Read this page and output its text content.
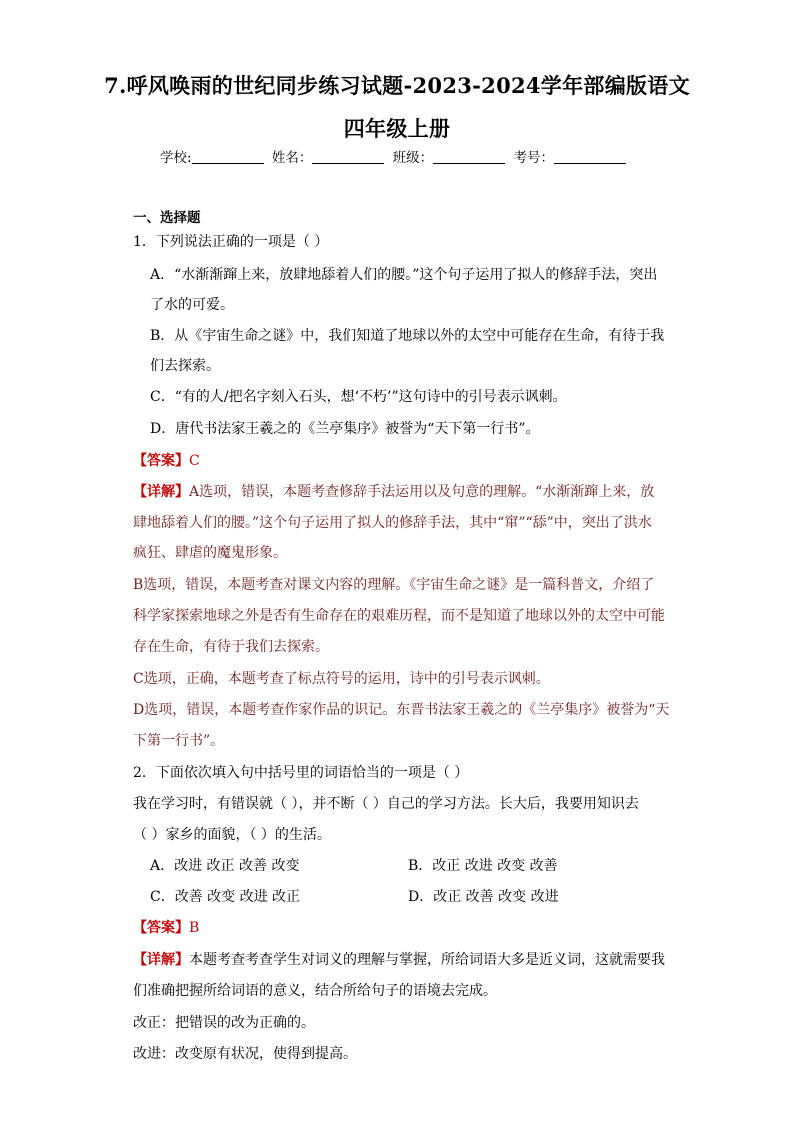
7.呼风唤雨的世纪同步练习试题-2023-2024学年部编版语文
四年级上册
学校:	姓名：	班级：	考号：
一、选择题
1．下列说法正确的一项是（ ）
A．“水渐渐蹿上来，放肆地舔着人们的腰。”这个句子运用了拟人的修辞手法，突出
了水的可爱。
B．从《宇宙生命之谜》中，我们知道了地球以外的太空中可能存在生命，有待于我
们去探索。
C．“有的人/把名字刻入石头，想‘不朽’”这句诗中的引号表示讽刺。
D．唐代书法家王羲之的《兰亭集序》被誉为“天下第一行书”。
【答案】C
【详解】A选项，错误，本题考查修辞手法运用以及句意的理解。“水渐渐蹿上来，放
肆地舔着人们的腰。”这个句子运用了拟人的修辞手法，其中“窜”“舔”中，突出了洪水
疯狂、肆虐的魔鬼形象。
B选项，错误，本题考查对课文内容的理解。《宇宙生命之谜》是一篇科普文，介绍了
科学家探索地球之外是否有生命存在的艰难历程，而不是知道了地球以外的太空中可能
存在生命，有待于我们去探索。
C选项，正确，本题考查了标点符号的运用，诗中的引号表示讽刺。
D选项，错误，本题考查作家作品的识记。东晋书法家王羲之的《兰亭集序》被誉为“天
下第一行书”。
2．下面依次填入句中括号里的词语恰当的一项是（ ）
我在学习时，有错误就（ ），并不断（ ）自己的学习方法。长大后，我要用知识去
（ ）家乡的面貌，（ ）的生活。
A．改进 改正 改善 改变	B．改正 改进 改变 改善
C．改善 改变 改进 改正	D．改正 改善 改变 改进
【答案】B
【详解】本题考查考查学生对词义的理解与掌握，所给词语大多是近义词，这就需要我
们准确把握所给词语的意义，结合所给句子的语境去完成。
改正：把错误的改为正确的。
改进：改变原有状况，使得到提高。
